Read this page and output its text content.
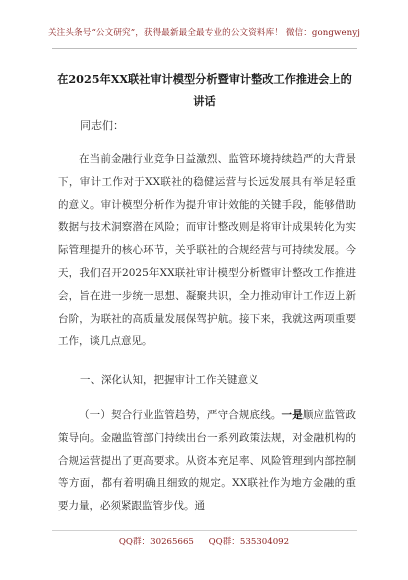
关注头条号“公文研究”，获得最新最全最专业的公文资料库！ 微信：gongwenyj
在2025年XX联社审计模型分析暨审计整改工作推进会上的讲话
同志们：

在当前金融行业竞争日益激烈、监管环境持续趋严的大背景下，审计工作对于XX联社的稳健运营与长远发展具有举足轻重的意义。审计模型分析作为提升审计效能的关键手段，能够借助数据与技术洞察潜在风险；而审计整改则是将审计成果转化为实际管理提升的核心环节，关乎联社的合规经营与可持续发展。今天，我们召开2025年XX联社审计模型分析暨审计整改工作推进会，旨在进一步统一思想、凝聚共识，全力推动审计工作迈上新台阶，为联社的高质量发展保驾护航。接下来，我就这两项重要工作，谈几点意见。

一、深化认知，把握审计工作关键意义

（一）契合行业监管趋势，严守合规底线。一是顺应监管政策导向。金融监管部门持续出台一系列政策法规，对金融机构的合规运营提出了更高要求。从资本充足率、风险管理到内部控制等方面，都有着明确且细致的规定。XX联社作为地方金融的重要力量，必须紧跟监管步伐。通

QQ群：30265665 QQ群：535304092
